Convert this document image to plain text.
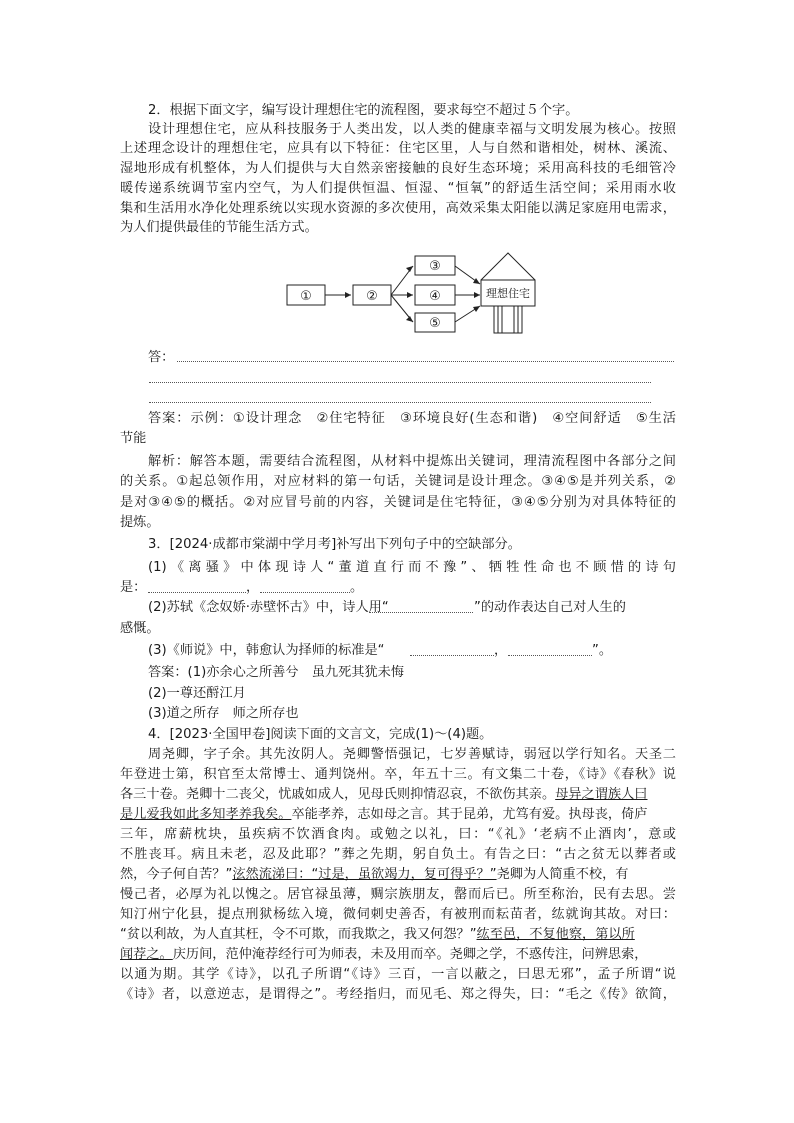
2．根据下面文字，编写设计理想住宅的流程图，要求每空不超过５个字。
设计理想住宅，应从科技服务于人类出发，以人类的健康幸福与文明发展为核心。按照
上述理念设计的理想住宅，应具有以下特征：住宅区里，人与自然和谐相处，树林、溪流、
湿地形成有机整体，为人们提供与大自然亲密接触的良好生态环境；采用高科技的毛细管冷
暖传递系统调节室内空气，为人们提供恒温、恒湿、“恒氧”的舒适生活空间；采用雨水收
集和生活用水净化处理系统以实现水资源的多次使用，高效采集太阳能以满足家庭用电需求，
为人们提供最佳的节能生活方式。
①	②
③
④
⑤
理想住宅
答：
答案：示例：①设计理念　②住宅特征　③环境良好(生态和谐)　④空间舒适　⑤生活
节能
解析：解答本题，需要结合流程图，从材料中提炼出关键词，理清流程图中各部分之间
的关系。①起总领作用，对应材料的第一句话，关键词是设计理念。③④⑤是并列关系，②
是对③④⑤的概括。②对应冒号前的内容，关键词是住宅特征，③④⑤分别为对具体特征的
提炼。
3．[2024·成都市棠湖中学月考]补写出下列句子中的空缺部分。
(1)《离骚》中体现诗人“董道直行而不豫”、牺牲性命也不顾惜的诗句
是：	，	。
(2)苏轼《念奴娇·赤壁怀古》中，诗人用“	”的动作表达自己对人生的
感慨。
(3)《师说》中，韩愈认为择师的标准是“	，	”。
答案：(1)亦余心之所善兮　虽九死其犹未悔
(2)一尊还酹江月
(3)道之所存　师之所存也
4．[2023·全国甲卷]阅读下面的文言文，完成(1)～(4)题。
周尧卿，字子余。其先汝阴人。尧卿警悟强记，七岁善赋诗，弱冠以学行知名。天圣二
年登进士第，积官至太常博士、通判饶州。卒，年五十三。有文集二十卷，《诗》《春秋》说
各三十卷。尧卿十二丧父，忧戚如成人，见母氏则抑情忍哀，不欲伤其亲。母异之谓族人曰
是儿爱我如此多知孝养我矣。卒能孝养，志如母之言。其于昆弟，尤笃有爱。执母丧，倚庐
三年，席薪枕块，虽疾病不饮酒食肉。或勉之以礼，曰：“《礼》‘老病不止酒肉’，意或
不胜丧耳。病且未老，忍及此耶？”葬之先期，躬自负土。有告之曰：“古之贫无以葬者或
然，今子何自苦？”泫然流涕曰：“过是，虽欲竭力，复可得乎？”尧卿为人简重不校，有
慢己者，必厚为礼以愧之。居官禄虽薄，赒宗族朋友，罄而后已。所至称治，民有去思。尝
知汀州宁化县，提点刑狱杨纮入境，微伺刺史善否，有被刑而耘苗者，纮就询其故。对曰：
“贫以利故，为人直其枉，令不可欺，而我欺之，我又何怨？”纮至邑，不复他察，第以所
闻荐之。庆历间，范仲淹荐经行可为师表，未及用而卒。尧卿之学，不惑传注，问辨思索，
以通为期。其学《诗》，以孔子所谓“《诗》三百，一言以蔽之，曰思无邪”，孟子所谓“说
《诗》者，以意逆志，是谓得之”。考经指归，而见毛、郑之得失，曰：“毛之《传》欲简，
